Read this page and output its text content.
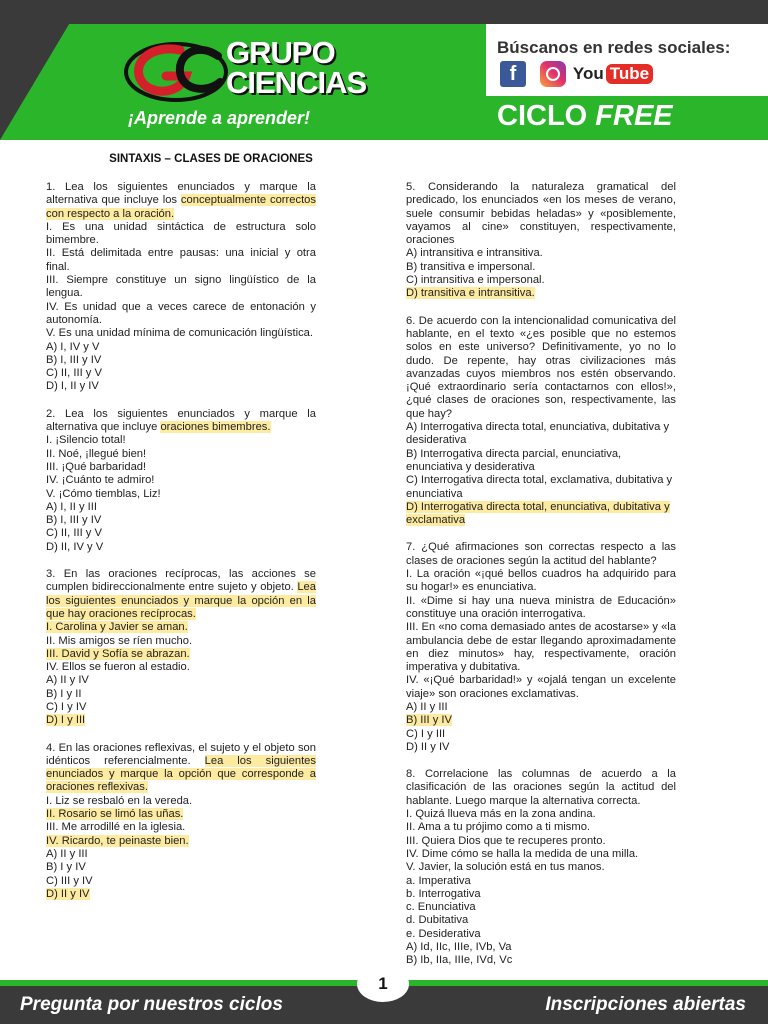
GRUPO
CIENCIAS
¡Aprende a aprender!
Búscanos en redes sociales:
f	You Tube
CICLO FREE
SINTAXIS – CLASES DE ORACIONES

1. Lea los siguientes enunciados y marque la alternativa que incluye los conceptualmente correctos con respecto a la oración.

I. Es una unidad sintáctica de estructura solo bimembre.

II. Está delimitada entre pausas: una inicial y otra final.

III. Siempre constituye un signo lingüístico de la lengua.

IV. Es unidad que a veces carece de entonación y autonomía.

V. Es una unidad mínima de comunicación lingüística.

A) I, IV y V

B) I, III y IV

C) II, III y V

D) I, II y IV

2. Lea los siguientes enunciados y marque la alternativa que incluye oraciones bimembres.

I. ¡Silencio total!

II. Noé, ¡llegué bien!

III. ¡Qué barbaridad!

IV. ¡Cuánto te admiro!

V. ¡Cómo tiemblas, Liz!

A) I, II y III

B) I, III y IV

C) II, III y V

D) II, IV y V

3. En las oraciones recíprocas, las acciones se cumplen bidireccionalmente entre sujeto y objeto. Lea los siguientes enunciados y marque la opción en la que hay oraciones recíprocas.

I. Carolina y Javier se aman.

II. Mis amigos se ríen mucho.

III. David y Sofía se abrazan.

IV. Ellos se fueron al estadio.

A) II y IV

B) I y II

C) I y IV

D) I y III

4. En las oraciones reflexivas, el sujeto y el objeto son idénticos referencialmente. Lea los siguientes enunciados y marque la opción que corresponde a oraciones reflexivas.

I. Liz se resbaló en la vereda.

II. Rosario se limó las uñas.

III. Me arrodillé en la iglesia.

IV. Ricardo, te peinaste bien.

A) II y III

B) I y IV

C) III y IV

D) II y IV

5. Considerando la naturaleza gramatical del predicado, los enunciados «en los meses de verano, suele consumir bebidas heladas» y «posiblemente, vayamos al cine» constituyen, respectivamente, oraciones

A) intransitiva e intransitiva.

B) transitiva e impersonal.

C) intransitiva e impersonal.

D) transitiva e intransitiva.

6. De acuerdo con la intencionalidad comunicativa del hablante, en el texto «¿es posible que no estemos solos en este universo? Definitivamente, yo no lo dudo. De repente, hay otras civilizaciones más avanzadas cuyos miembros nos estén observando. ¡Qué extraordinario sería contactarnos con ellos!», ¿qué clases de oraciones son, respectivamente, las que hay?

A) Interrogativa directa total, enunciativa, dubitativa y desiderativa

B) Interrogativa directa parcial, enunciativa, enunciativa y desiderativa

C) Interrogativa directa total, exclamativa, dubitativa y enunciativa

D) Interrogativa directa total, enunciativa, dubitativa y exclamativa

7. ¿Qué afirmaciones son correctas respecto a las clases de oraciones según la actitud del hablante?

I. La oración «¡qué bellos cuadros ha adquirido para su hogar!» es enunciativa.

II. «Dime si hay una nueva ministra de Educación» constituye una oración interrogativa.

III. En «no coma demasiado antes de acostarse» y «la ambulancia debe de estar llegando aproximadamente en diez minutos» hay, respectivamente, oración imperativa y dubitativa.

IV. «¡Qué barbaridad!» y «ojalá tengan un excelente viaje» son oraciones exclamativas.

A) II y III

B) III y IV

C) I y III

D) II y IV

8. Correlacione las columnas de acuerdo a la clasificación de las oraciones según la actitud del hablante. Luego marque la alternativa correcta.

I. Quizá llueva más en la zona andina.

II. Ama a tu prójimo como a ti mismo.

III. Quiera Dios que te recuperes pronto.

IV. Dime cómo se halla la medida de una milla.

V. Javier, la solución está en tus manos.

a. Imperativa

b. Interrogativa

c. Enunciativa

d. Dubitativa

e. Desiderativa

A) Id, IIc, IIIe, IVb, Va

B) Ib, IIa, IIIe, IVd, Vc

Pregunta por nuestros ciclos	Inscripciones abiertas
1
